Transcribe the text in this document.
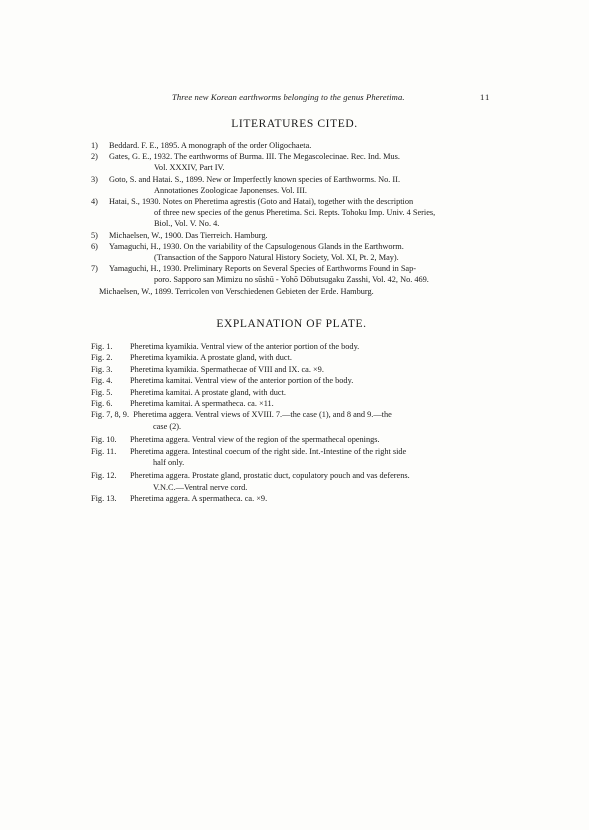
Three new Korean earthworms belonging to the genus Pheretima.	11
LITERATURES CITED.
1) Beddard. F. E., 1895. A monograph of the order Oligochaeta.
2) Gates, G. E., 1932. The earthworms of Burma. III. The Megascolecinae. Rec. Ind. Mus.
Vol. XXXIV, Part IV.
3) Goto, S. and Hatai. S., 1899. New or Imperfectly known species of Earthworms. No. II.
Annotationes Zoologicae Japonenses. Vol. III.
4) Hatai, S., 1930. Notes on Pheretima agrestis (Goto and Hatai), together with the description
of three new species of the genus Pheretima. Sci. Repts. Tohoku Imp. Univ. 4 Series,
Biol., Vol. V. No. 4.
5) Michaelsen, W., 1900. Das Tierreich. Hamburg.
6) Yamaguchi, H., 1930. On the variability of the Capsulogenous Glands in the Earthworm.
(Transaction of the Sapporo Natural History Society, Vol. XI, Pt. 2, May).
7) Yamaguchi, H., 1930. Preliminary Reports on Several Species of Earthworms Found in Sap-
poro. Sapporo san Mimizu no sūshū - Yohō Dōbutsugaku Zasshi, Vol. 42, No. 469.
Michaelsen, W., 1899. Terricolen von Verschiedenen Gebieten der Erde. Hamburg.
EXPLANATION OF PLATE.
Fig. 1. Pheretima kyamikia. Ventral view of the anterior portion of the body.
Fig. 2. Pheretima kyamikia. A prostate gland, with duct.
Fig. 3. Pheretima kyamikia. Spermathecae of VIII and IX. ca. ×9.
Fig. 4. Pheretima kamitai. Ventral view of the anterior portion of the body.
Fig. 5. Pheretima kamitai. A prostate gland, with duct.
Fig. 6. Pheretima kamitai. A spermatheca. ca. ×11.
Fig. 7, 8, 9. Pheretima aggera. Ventral views of XVIII. 7.—the case (1), and 8 and 9.—the
case (2).
Fig. 10. Pheretima aggera. Ventral view of the region of the spermathecal openings.
Fig. 11. Pheretima aggera. Intestinal coecum of the right side. Int.-Intestine of the right side
half only.
Fig. 12. Pheretima aggera. Prostate gland, prostatic duct, copulatory pouch and vas deferens.
V.N.C.—Ventral nerve cord.
Fig. 13. Pheretima aggera. A spermatheca. ca. ×9.
